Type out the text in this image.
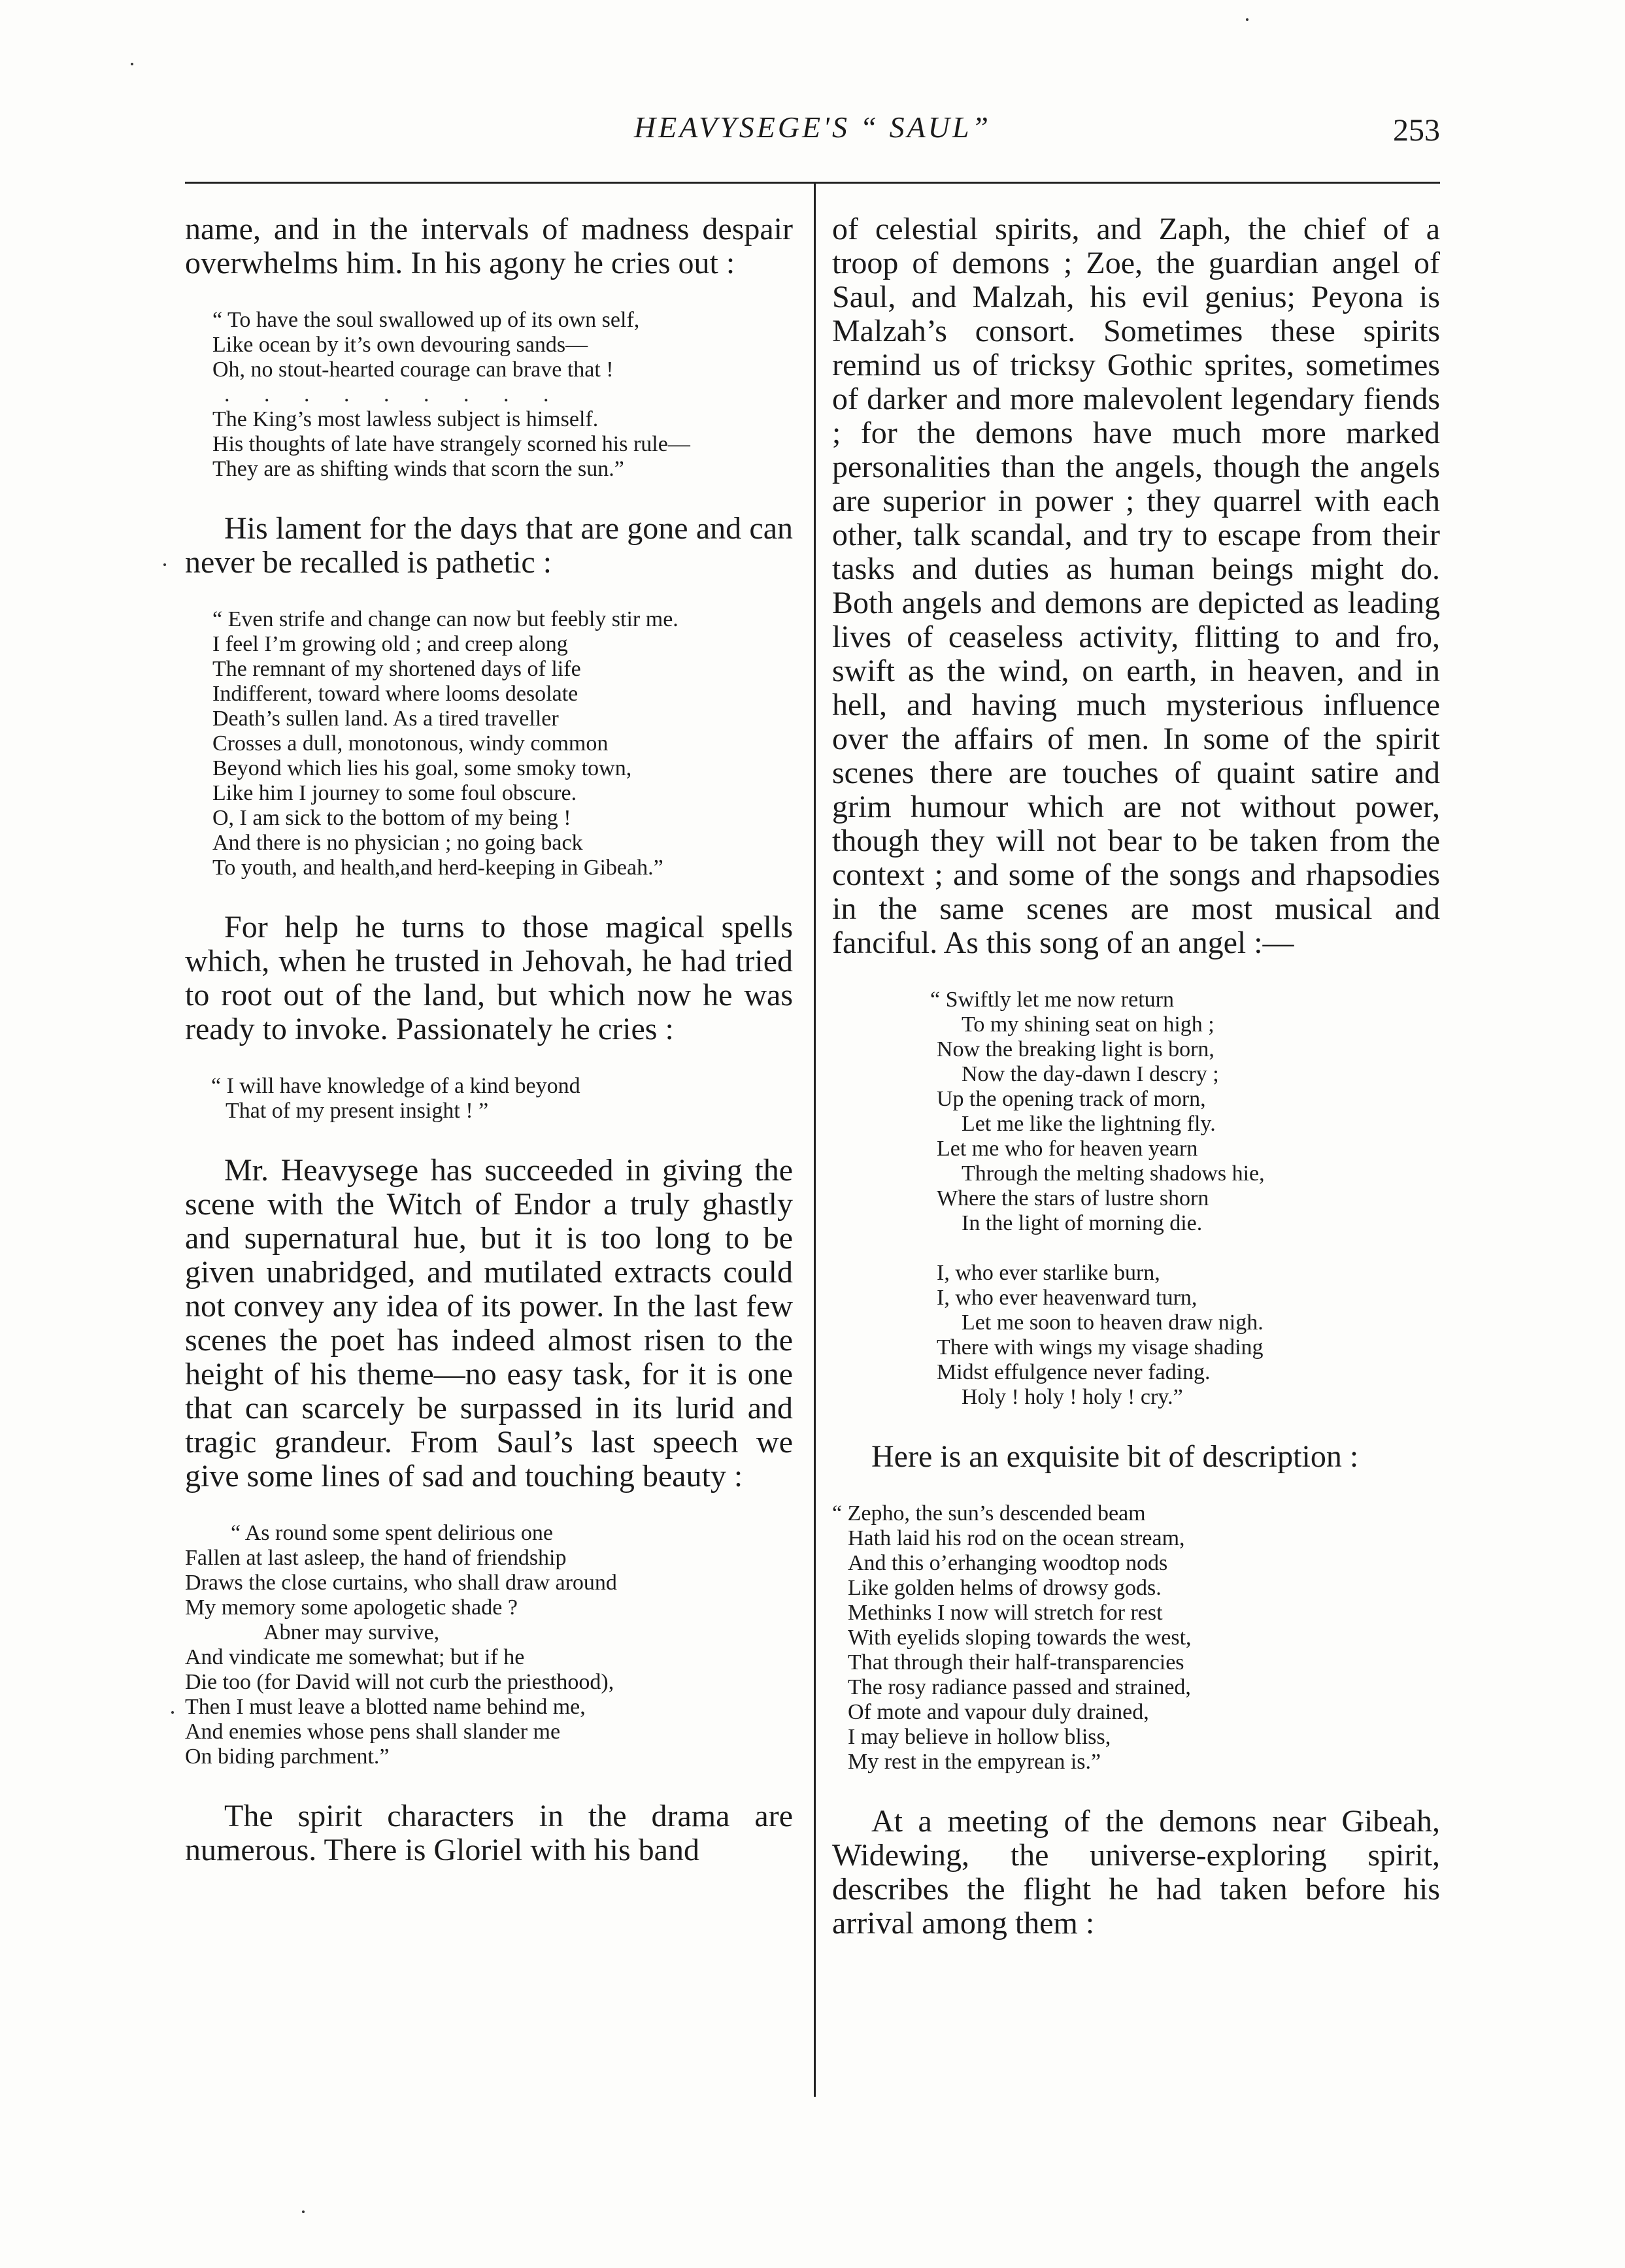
HEAVYSEGE'S “ SAUL”	253

name, and in the intervals of madness despair overwhelms him. In his agony he cries out :

“ To have the soul swallowed up of its own self,
Like ocean by it’s own devouring sands—
Oh, no stout-hearted courage can brave that !
. . . . . . . . .
The King’s most lawless subject is himself.
His thoughts of late have strangely scorned his rule—
They are as shifting winds that scorn the sun.”

His lament for the days that are gone and can never be recalled is pathetic :

“ Even strife and change can now but feebly stir me.
I feel I’m growing old ; and creep along
The remnant of my shortened days of life
Indifferent, toward where looms desolate
Death’s sullen land. As a tired traveller
Crosses a dull, monotonous, windy common
Beyond which lies his goal, some smoky town,
Like him I journey to some foul obscure.
O, I am sick to the bottom of my being !
And there is no physician ; no going back
To youth, and health,and herd-keeping in Gibeah.”

For help he turns to those magical spells which, when he trusted in Jehovah, he had tried to root out of the land, but which now he was ready to invoke. Passionately he cries :

“ I will have knowledge of a kind beyond
That of my present insight ! ”

Mr. Heavysege has succeeded in giving the scene with the Witch of Endor a truly ghastly and supernatural hue, but it is too long to be given unabridged, and mutilated extracts could not convey any idea of its power. In the last few scenes the poet has indeed almost risen to the height of his theme—no easy task, for it is one that can scarcely be surpassed in its lurid and tragic grandeur. From Saul’s last speech we give some lines of sad and touching beauty :

“ As round some spent delirious one
Fallen at last asleep, the hand of friendship
Draws the close curtains, who shall draw around
My memory some apologetic shade ?
Abner may survive,
And vindicate me somewhat; but if he
Die too (for David will not curb the priesthood),
Then I must leave a blotted name behind me,
And enemies whose pens shall slander me
On biding parchment.”

The spirit characters in the drama are numerous. There is Gloriel with his band

of celestial spirits, and Zaph, the chief of a troop of demons ; Zoe, the guardian angel of Saul, and Malzah, his evil genius; Peyona is Malzah’s consort. Sometimes these spirits remind us of tricksy Gothic sprites, sometimes of darker and more malevolent legendary fiends ; for the demons have much more marked personalities than the angels, though the angels are superior in power ; they quarrel with each other, talk scandal, and try to escape from their tasks and duties as human beings might do. Both angels and demons are depicted as leading lives of ceaseless activity, flitting to and fro, swift as the wind, on earth, in heaven, and in hell, and having much mysterious influence over the affairs of men. In some of the spirit scenes there are touches of quaint satire and grim humour which are not without power, though they will not bear to be taken from the context ; and some of the songs and rhapsodies in the same scenes are most musical and fanciful. As this song of an angel :—

“ Swiftly let me now return
To my shining seat on high ;
Now the breaking light is born,
Now the day-dawn I descry ;
Up the opening track of morn,
Let me like the lightning fly.
Let me who for heaven yearn
Through the melting shadows hie,
Where the stars of lustre shorn
In the light of morning die.
I, who ever starlike burn,
I, who ever heavenward turn,
Let me soon to heaven draw nigh.
There with wings my visage shading
Midst effulgence never fading.
Holy ! holy ! holy ! cry.”

Here is an exquisite bit of description :

“ Zepho, the sun’s descended beam
Hath laid his rod on the ocean stream,
And this o’erhanging woodtop nods
Like golden helms of drowsy gods.
Methinks I now will stretch for rest
With eyelids sloping towards the west,
That through their half-transparencies
The rosy radiance passed and strained,
Of mote and vapour duly drained,
I may believe in hollow bliss,
My rest in the empyrean is.”

At a meeting of the demons near Gibeah, Widewing, the universe-exploring spirit, describes the flight he had taken before his arrival among them :
